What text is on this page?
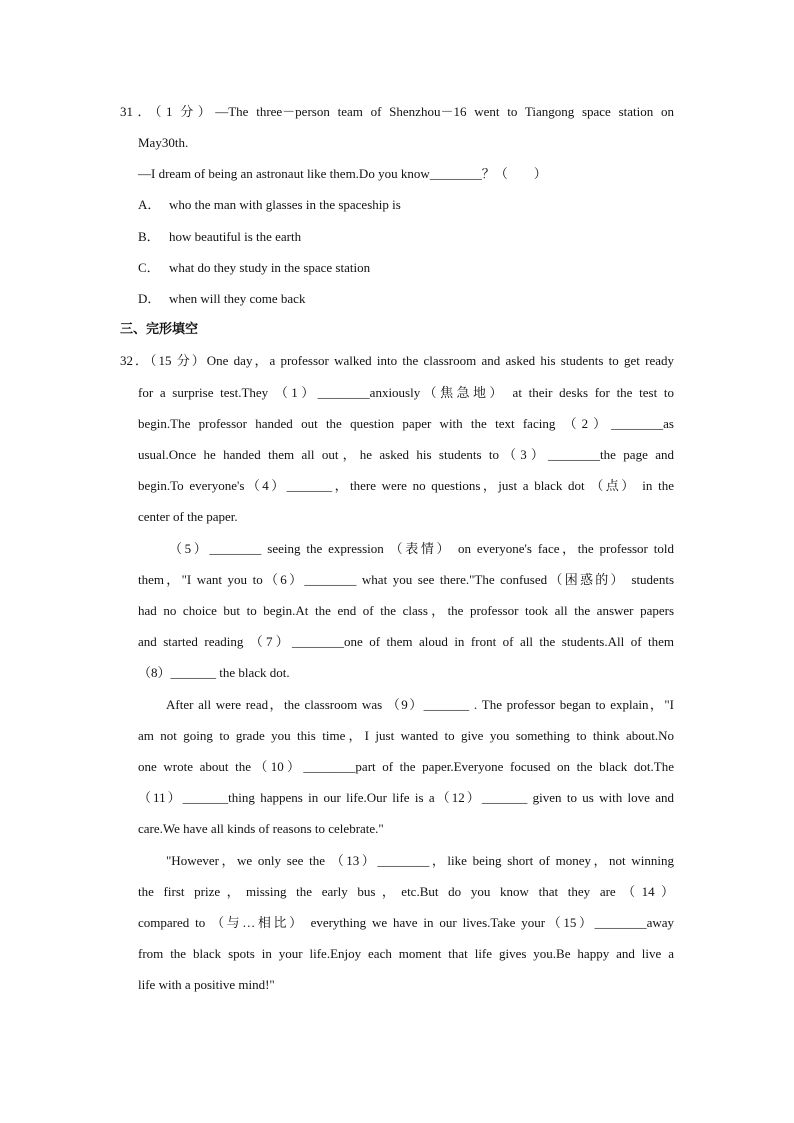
31．（1 分）—The three－person team of Shenzhou－16 went to Tiangong space station on
May30th.
—I dream of being an astronaut like them.Do you know________？（　　）
A． who the man with glasses in the spaceship is
B． how beautiful is the earth
C． what do they study in the space station
D． when will they come back
三、完形填空
32．（15 分）One day，a professor walked into the classroom and asked his students to get ready
for a surprise test.They （1）________anxiously（焦急地） at their desks for the test to
begin.The professor handed out the question paper with the text facing （2）________as
usual.Once he handed them all out，he asked his students to（3）________the page and
begin.To everyone's（4）_______，there were no questions，just a black dot （点） in the
center of the paper.
（5）________ seeing the expression （表情） on everyone's face，the professor told
them，"I want you to（6）________ what you see there."The confused（困惑的） students
had no choice but to begin.At the end of the class，the professor took all the answer papers
and started reading （7）________one of them aloud in front of all the students.All of them
（8）_______ the black dot.
After all were read，the classroom was （9）_______ . The professor began to explain，"I
am not going to grade you this time，I just wanted to give you something to think about.No
one wrote about the（10）________part of the paper.Everyone focused on the black dot.The
（11）_______thing happens in our life.Our life is a（12）_______ given to us with love and
care.We have all kinds of reasons to celebrate."
"However，we only see the （13）________，like being short of money，not winning
the first prize，missing the early bus，etc.But do you know that they are（14）
compared to （与…相比） everything we have in our lives.Take your（15）________away
from the black spots in your life.Enjoy each moment that life gives you.Be happy and live a
life with a positive mind!"
